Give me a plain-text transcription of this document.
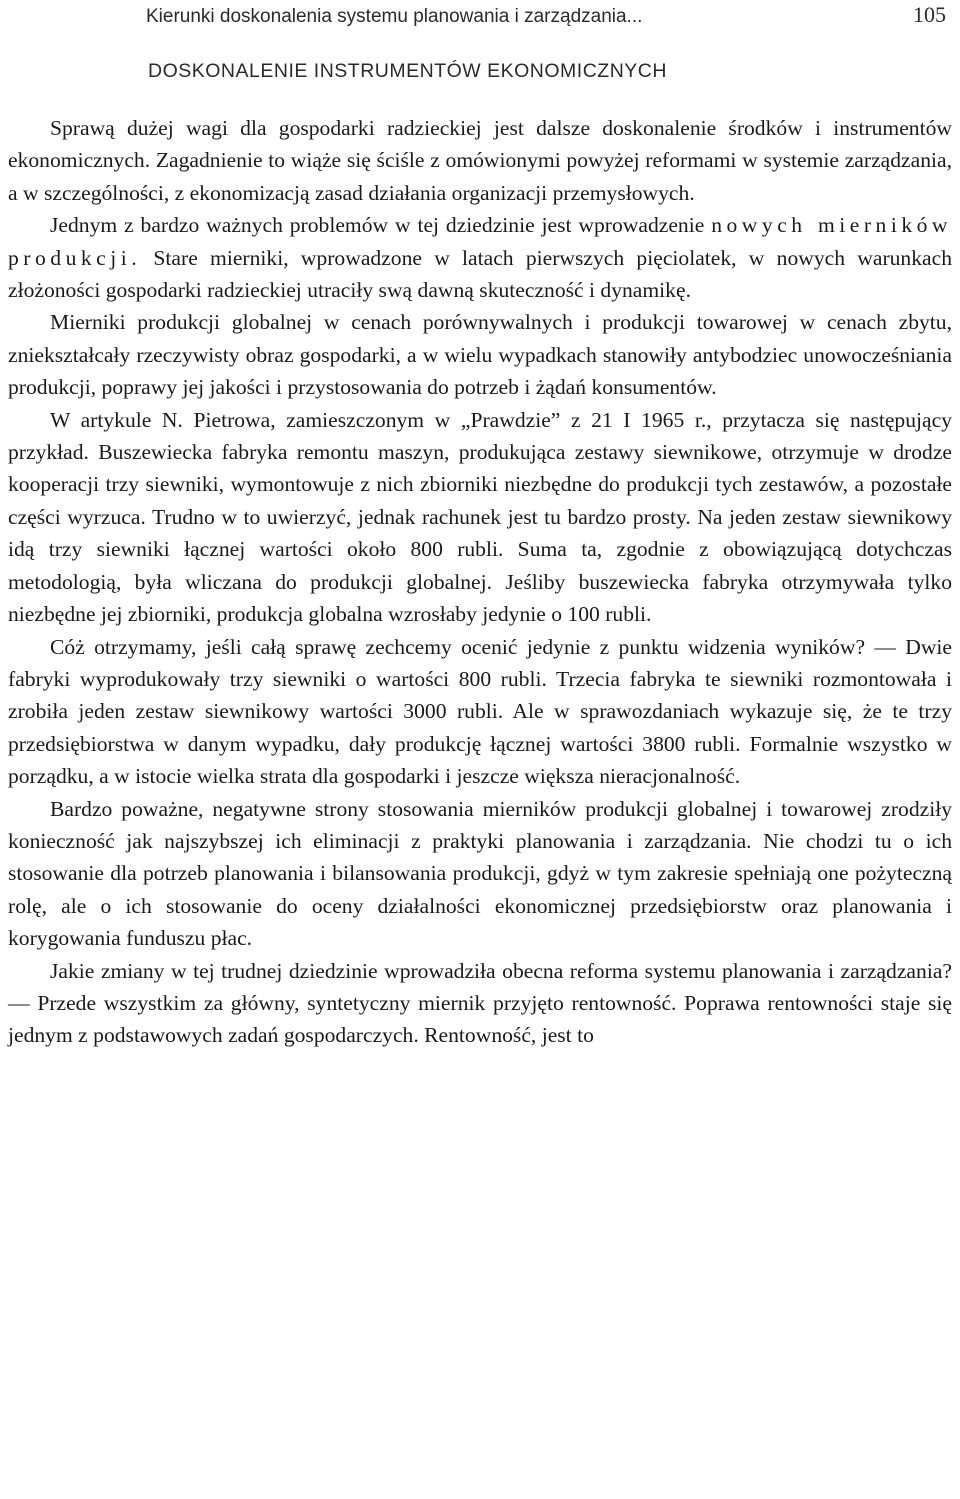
Kierunki doskonalenia systemu planowania i zarządzania...	105
DOSKONALENIE INSTRUMENTÓW EKONOMICZNYCH

Sprawą dużej wagi dla gospodarki radzieckiej jest dalsze doskonalenie środków i instrumentów ekonomicznych. Zagadnienie to wiąże się ściśle z omówionymi powyżej reformami w systemie zarządzania, a w szczególności, z ekonomizacją zasad działania organizacji przemysłowych.

Jednym z bardzo ważnych problemów w tej dziedzinie jest wprowadzenie nowych mierników produkcji. Stare mierniki, wprowadzone w latach pierwszych pięciolatek, w nowych warunkach złożoności gospodarki radzieckiej utraciły swą dawną skuteczność i dynamikę.

Mierniki produkcji globalnej w cenach porównywalnych i produkcji towarowej w cenach zbytu, zniekształcały rzeczywisty obraz gospodarki, a w wielu wypadkach stanowiły antybodziec unowocześniania produkcji, poprawy jej jakości i przystosowania do potrzeb i żądań konsumentów.

W artykule N. Pietrowa, zamieszczonym w „Prawdzie” z 21 I 1965 r., przytacza się następujący przykład. Buszewiecka fabryka remontu maszyn, produkująca zestawy siewnikowe, otrzymuje w drodze kooperacji trzy siewniki, wymontowuje z nich zbiorniki niezbędne do produkcji tych zestawów, a pozostałe części wyrzuca. Trudno w to uwierzyć, jednak rachunek jest tu bardzo prosty. Na jeden zestaw siewnikowy idą trzy siewniki łącznej wartości około 800 rubli. Suma ta, zgodnie z obowiązującą dotychczas metodologią, była wliczana do produkcji globalnej. Jeśliby buszewiecka fabryka otrzymywała tylko niezbędne jej zbiorniki, produkcja globalna wzrosłaby jedynie o 100 rubli.

Cóż otrzymamy, jeśli całą sprawę zechcemy ocenić jedynie z punktu widzenia wyników? — Dwie fabryki wyprodukowały trzy siewniki o wartości 800 rubli. Trzecia fabryka te siewniki rozmontowała i zrobiła jeden zestaw siewnikowy wartości 3000 rubli. Ale w sprawozdaniach wykazuje się, że te trzy przedsiębiorstwa w danym wypadku, dały produkcję łącznej wartości 3800 rubli. Formalnie wszystko w porządku, a w istocie wielka strata dla gospodarki i jeszcze większa nieracjonalność.

Bardzo poważne, negatywne strony stosowania mierników produkcji globalnej i towarowej zrodziły konieczność jak najszybszej ich eliminacji z praktyki planowania i zarządzania. Nie chodzi tu o ich stosowanie dla potrzeb planowania i bilansowania produkcji, gdyż w tym zakresie spełniają one pożyteczną rolę, ale o ich stosowanie do oceny działalności ekonomicznej przedsiębiorstw oraz planowania i korygowania funduszu płac.

Jakie zmiany w tej trudnej dziedzinie wprowadziła obecna reforma systemu planowania i zarządzania? — Przede wszystkim za główny, syntetyczny miernik przyjęto rentowność. Poprawa rentowności staje się jednym z podstawowych zadań gospodarczych. Rentowność, jest to
